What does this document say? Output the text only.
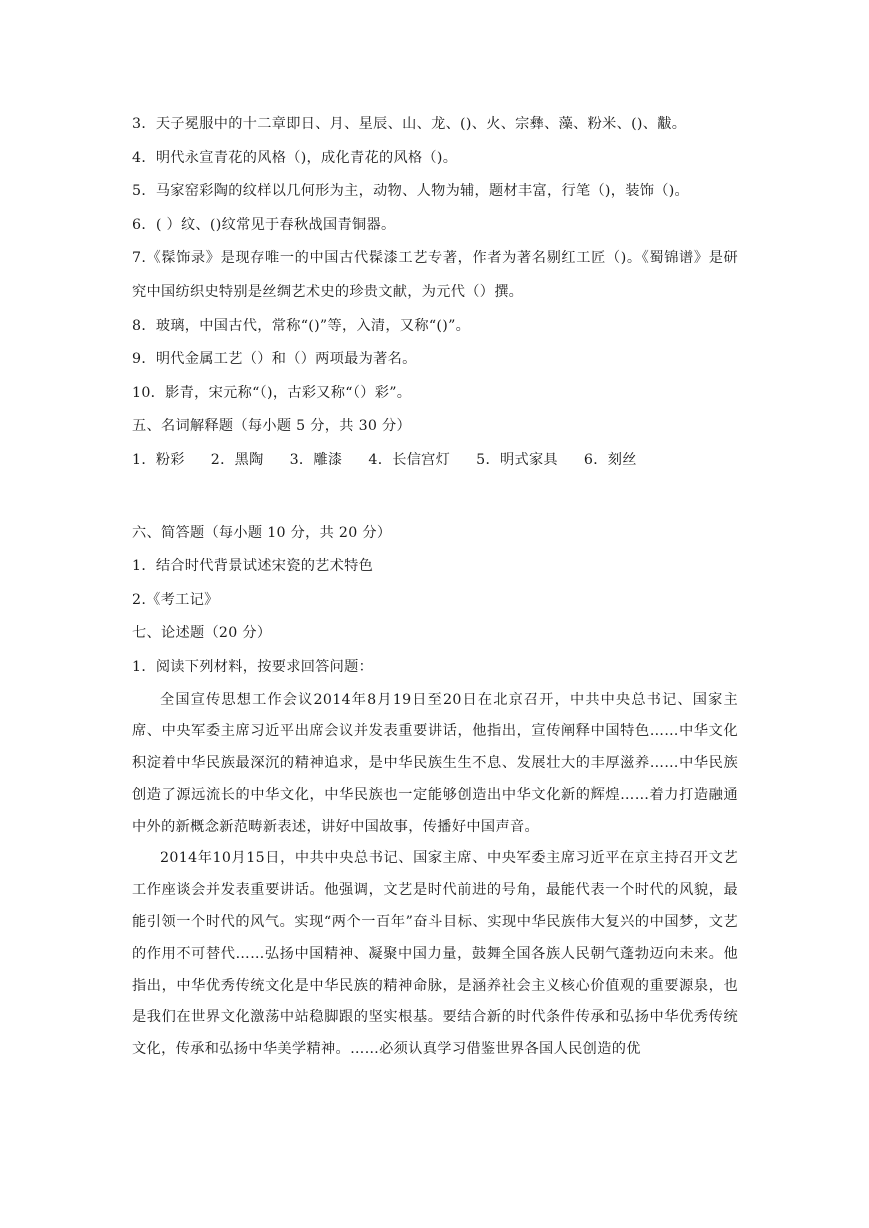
3．天子冕服中的十二章即日、月、星辰、山、龙、()、火、宗彝、藻、粉米、()、黻。
4．明代永宣青花的风格（)，成化青花的风格（)。
5．马家窑彩陶的纹样以几何形为主，动物、人物为辅，题材丰富，行笔（)，装饰（)。
6．( ）纹、()纹常见于春秋战国青铜器。

7.《髹饰录》是现存唯一的中国古代髹漆工艺专著，作者为著名剔红工匠（)。《蜀锦谱》是研究中国纺织史特别是丝绸艺术史的珍贵文献，为元代（）撰。

8．玻璃，中国古代，常称“()”等，入清，又称“()”。
9．明代金属工艺（）和（）两项最为著名。
10．影青，宋元称“（)，古彩又称“（）彩”。
五、名词解释题（每小题 5 分，共 30 分）
1．粉彩 2．黑陶 3．雕漆 4．长信宫灯 5．明式家具 6．刻丝
六、简答题（每小题 10 分，共 20 分）
1．结合时代背景试述宋瓷的艺术特色
2.《考工记》
七、论述题（20 分）
1．阅读下列材料，按要求回答问题：

全国宣传思想工作会议2014年8月19日至20日在北京召开，中共中央总书记、国家主席、中央军委主席习近平出席会议并发表重要讲话，他指出，宣传阐释中国特色……中华文化积淀着中华民族最深沉的精神追求，是中华民族生生不息、发展壮大的丰厚滋养……中华民族创造了源远流长的中华文化，中华民族也一定能够创造出中华文化新的辉煌……着力打造融通中外的新概念新范畴新表述，讲好中国故事，传播好中国声音。

2014年10月15日，中共中央总书记、国家主席、中央军委主席习近平在京主持召开文艺工作座谈会并发表重要讲话。他强调，文艺是时代前进的号角，最能代表一个时代的风貌，最能引领一个时代的风气。实现“两个一百年”奋斗目标、实现中华民族伟大复兴的中国梦，文艺的作用不可替代……弘扬中国精神、凝聚中国力量，鼓舞全国各族人民朝气蓬勃迈向未来。他指出，中华优秀传统文化是中华民族的精神命脉，是涵养社会主义核心价值观的重要源泉，也是我们在世界文化激荡中站稳脚跟的坚实根基。要结合新的时代条件传承和弘扬中华优秀传统文化，传承和弘扬中华美学精神。……必须认真学习借鉴世界各国人民创造的优
